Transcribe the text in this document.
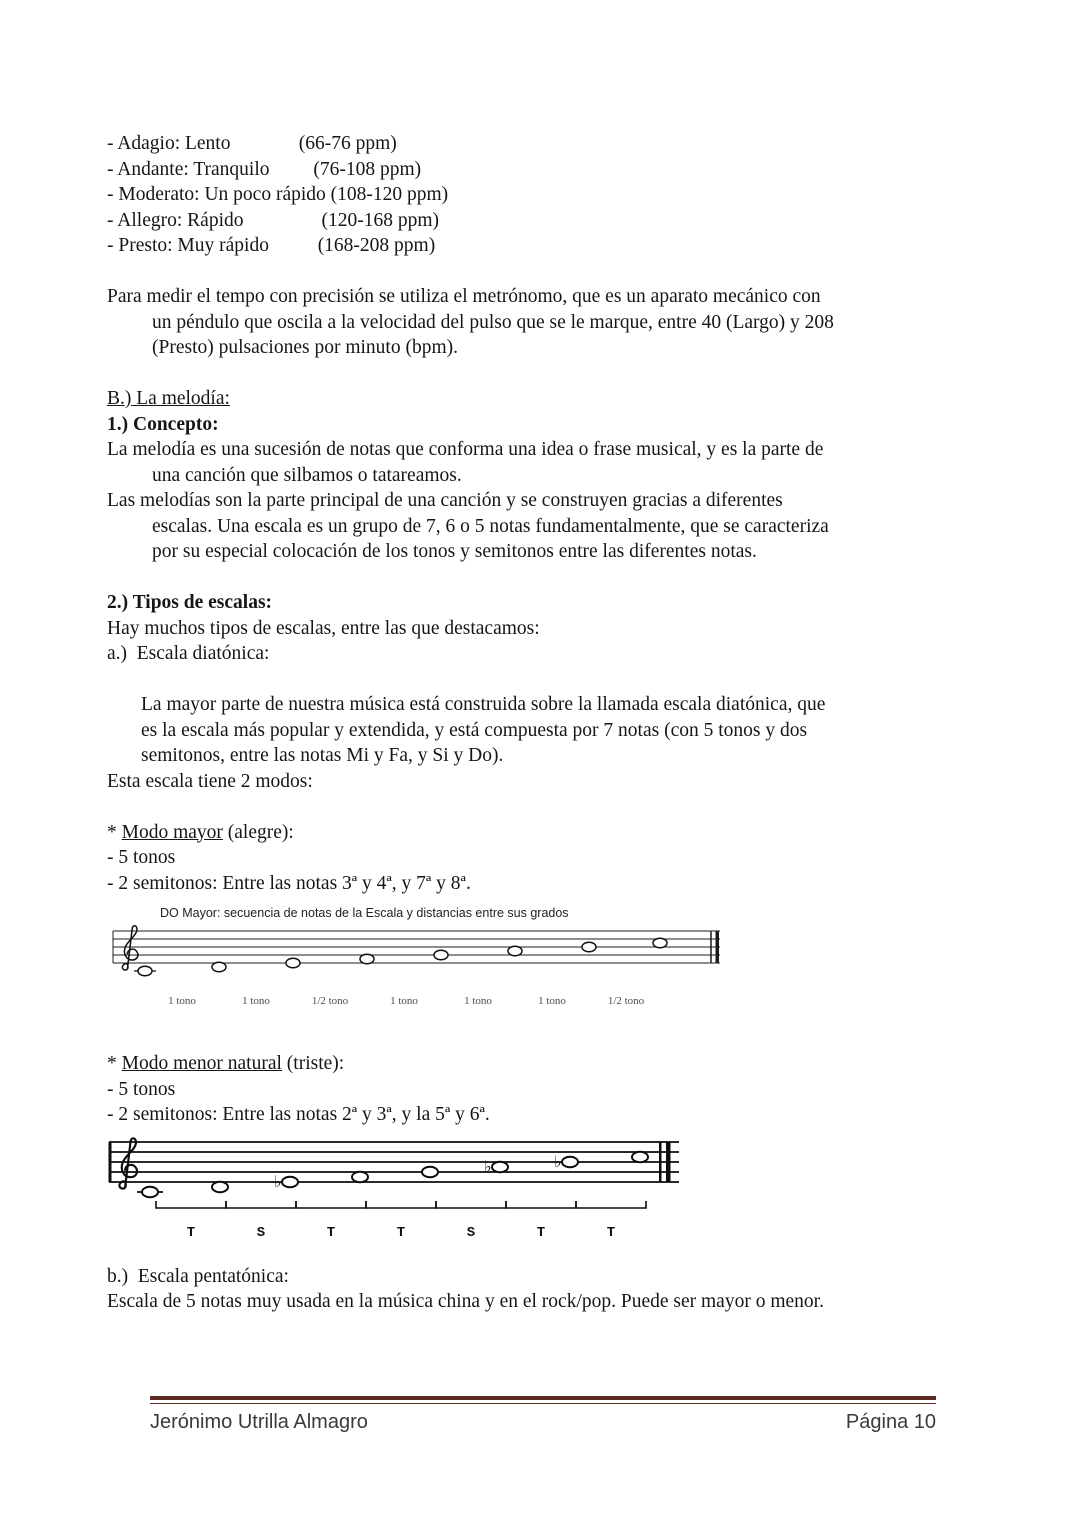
- Adagio: Lento              (66-76 ppm)
- Andante: Tranquilo         (76-108 ppm)
- Moderato: Un poco rápido (108-120 ppm)
- Allegro: Rápido                (120-168 ppm)
- Presto: Muy rápido          (168-208 ppm)
Para medir el tempo con precisión se utiliza el metrónomo, que es un aparato mecánico con
un péndulo que oscila a la velocidad del pulso que se le marque, entre 40 (Largo) y 208
(Presto) pulsaciones por minuto (bpm).
B.) La melodía:
1.) Concepto:
La melodía es una sucesión de notas que conforma una idea o frase musical, y es la parte de
una canción que silbamos o tatareamos.
Las melodías son la parte principal de una canción y se construyen gracias a diferentes
escalas. Una escala es un grupo de 7, 6 o 5 notas fundamentalmente, que se caracteriza
por su especial colocación de los tonos y semitonos entre las diferentes notas.
2.) Tipos de escalas:
Hay muchos tipos de escalas, entre las que destacamos:
a.)  Escala diatónica:
La mayor parte de nuestra música está construida sobre la llamada escala diatónica, que
es la escala más popular y extendida, y está compuesta por 7 notas (con 5 tonos y dos
semitonos, entre las notas Mi y Fa, y Si y Do).
Esta escala tiene 2 modos:
* Modo mayor (alegre):
- 5 tonos
- 2 semitonos: Entre las notas 3ª y 4ª, y 7ª y 8ª.
DO Mayor: secuencia de notas de la Escala y distancias entre sus grados
1 tono	1 tono	1/2 tono	1 tono	1 tono	1 tono	1/2 tono
* Modo menor natural (triste):
- 5 tonos
- 2 semitonos: Entre las notas 2ª y 3ª, y la 5ª y 6ª.
♭
♭	♭
T	S	T	T	S	T	T
b.)  Escala pentatónica:
Escala de 5 notas muy usada en la música china y en el rock/pop. Puede ser mayor o menor.
Jerónimo Utrilla Almagro	Página 10
